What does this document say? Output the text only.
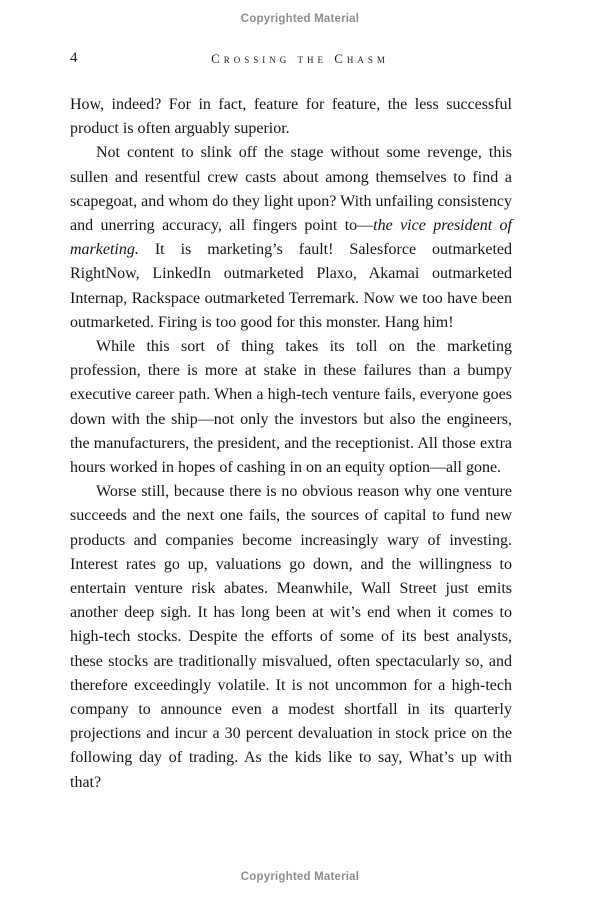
Copyrighted Material
4	Crossing the Chasm

How, indeed? For in fact, feature for feature, the less successful product is often arguably superior.

Not content to slink off the stage without some revenge, this sullen and resentful crew casts about among themselves to find a scapegoat, and whom do they light upon? With unfailing consistency and unerring accuracy, all fingers point to—the vice president of marketing. It is marketing’s fault! Salesforce outmarketed RightNow, LinkedIn outmarketed Plaxo, Akamai outmarketed Internap, Rackspace outmarketed Terremark. Now we too have been outmarketed. Firing is too good for this monster. Hang him!

While this sort of thing takes its toll on the marketing profession, there is more at stake in these failures than a bumpy executive career path. When a high-tech venture fails, everyone goes down with the ship—not only the investors but also the engineers, the manufacturers, the president, and the receptionist. All those extra hours worked in hopes of cashing in on an equity option—all gone.

Worse still, because there is no obvious reason why one venture succeeds and the next one fails, the sources of capital to fund new products and companies become increasingly wary of investing. Interest rates go up, valuations go down, and the willingness to entertain venture risk abates. Meanwhile, Wall Street just emits another deep sigh. It has long been at wit’s end when it comes to high-tech stocks. Despite the efforts of some of its best analysts, these stocks are traditionally misvalued, often spectacularly so, and therefore exceedingly volatile. It is not uncommon for a high-tech company to announce even a modest shortfall in its quarterly projections and incur a 30 percent devaluation in stock price on the following day of trading. As the kids like to say, What’s up with that?

Copyrighted Material
